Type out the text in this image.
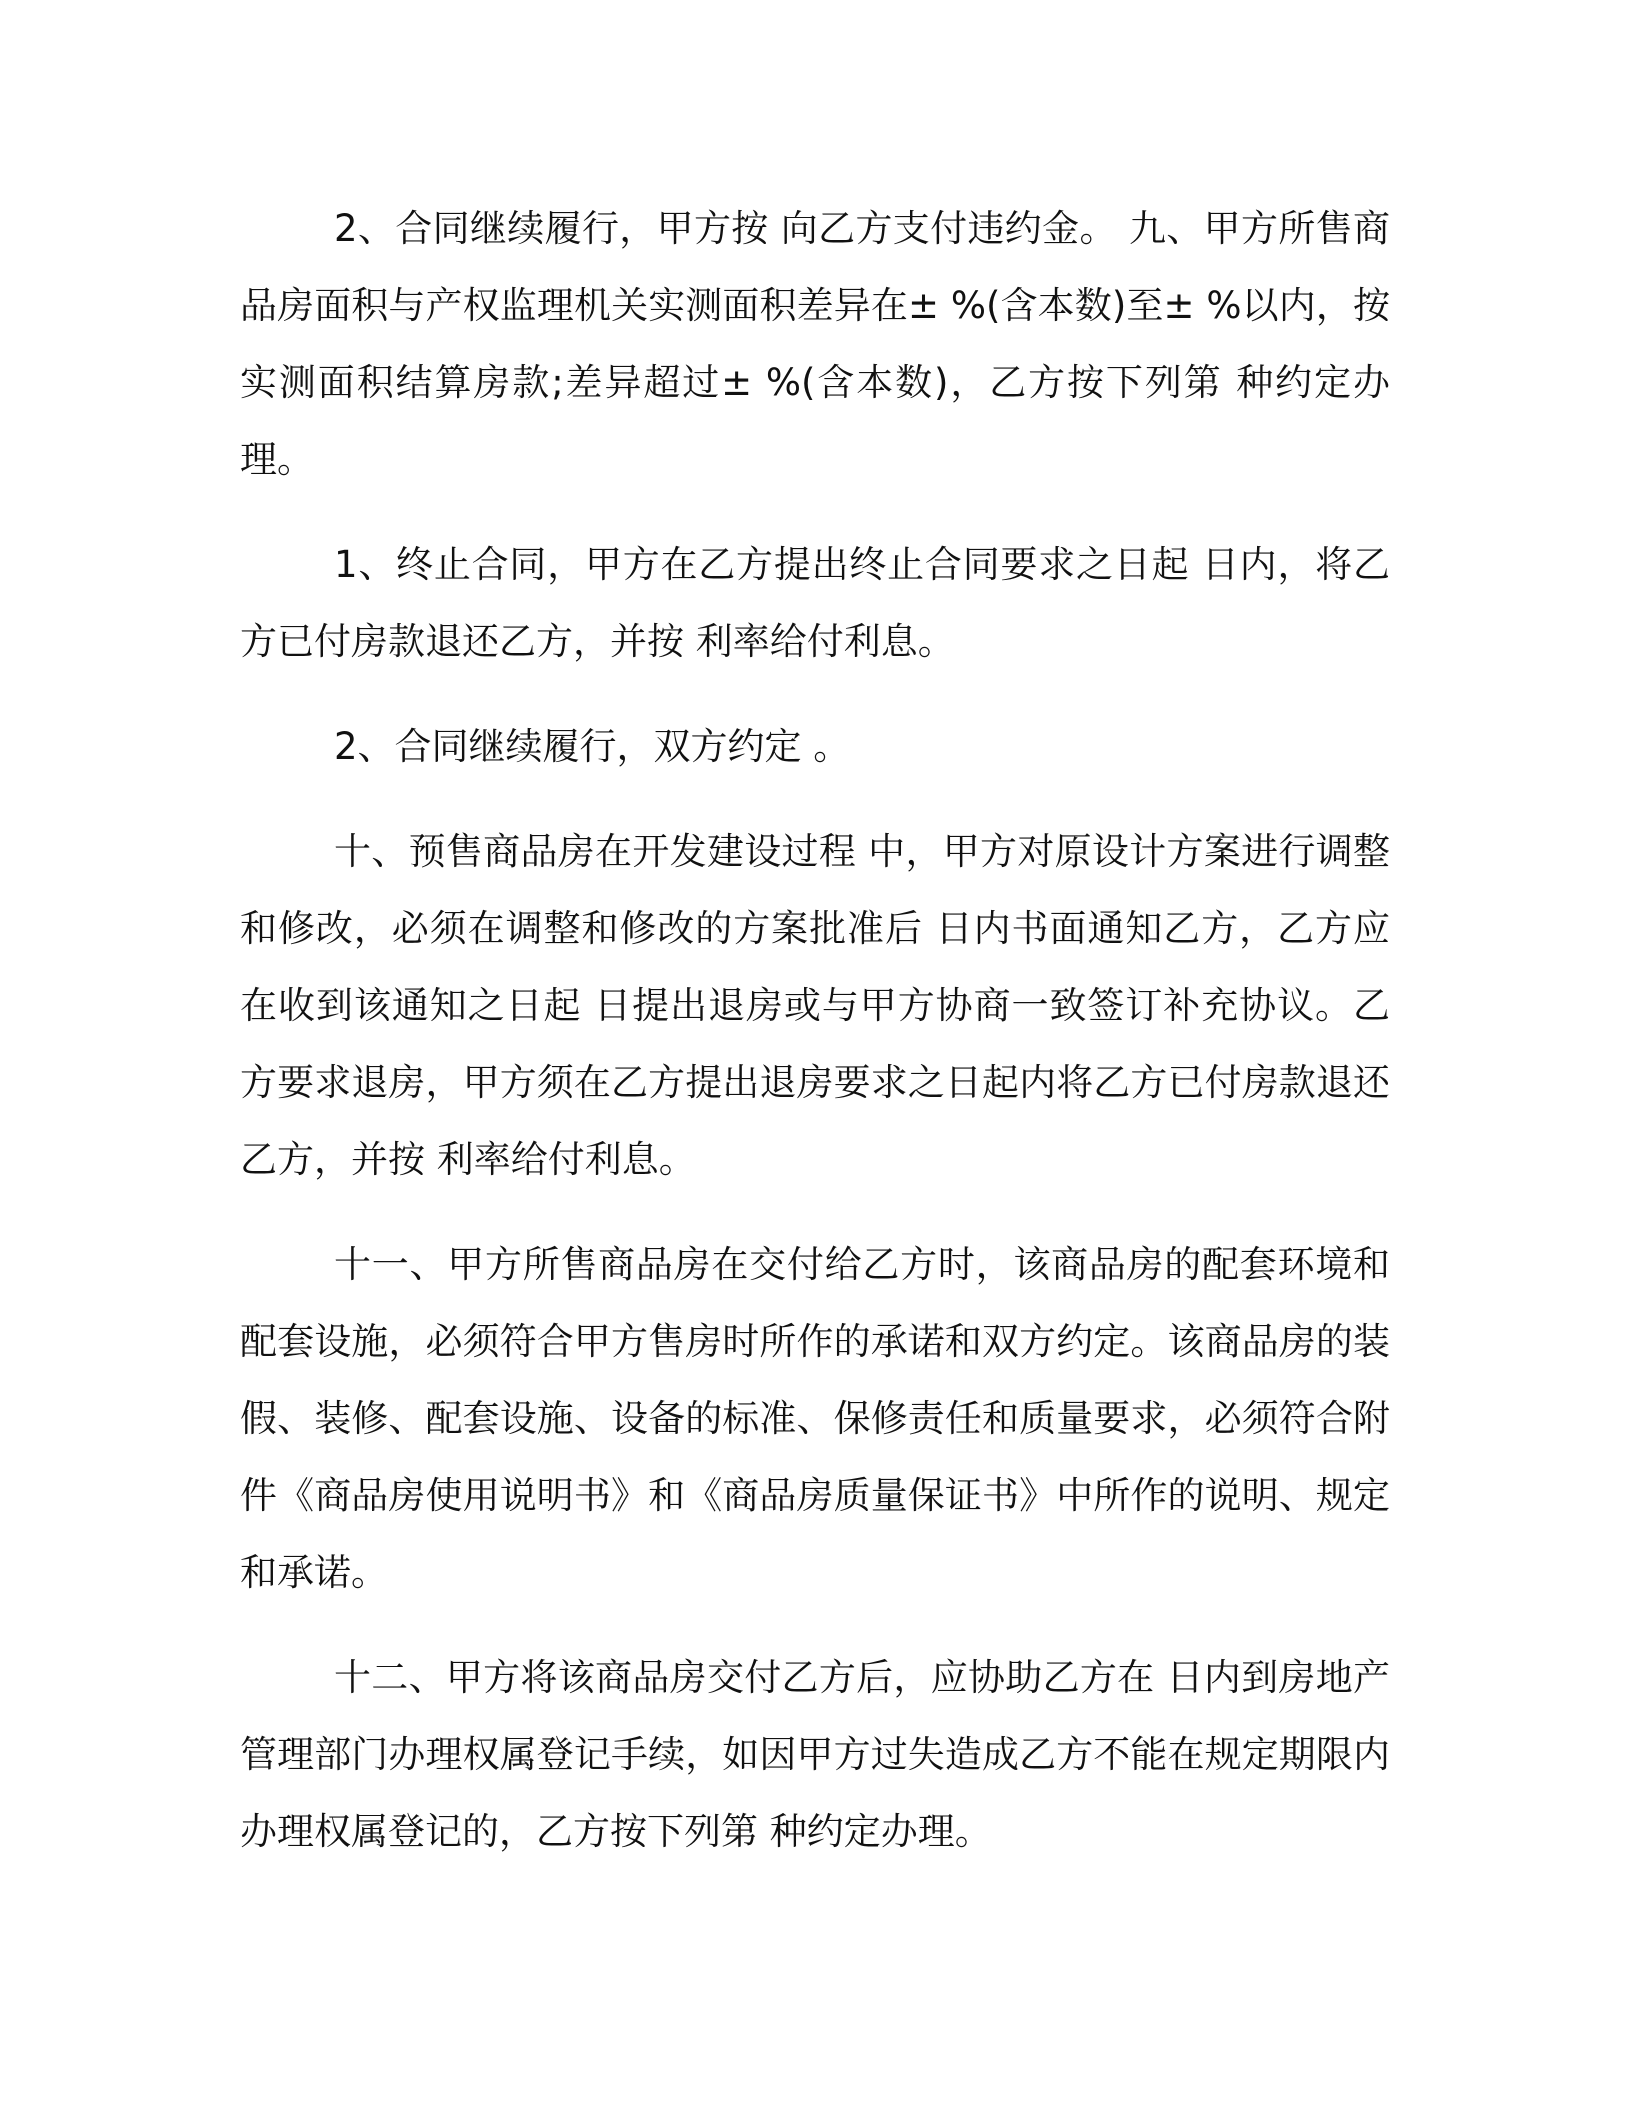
2、合同继续履行，甲方按 向乙方支付违约金。 九、甲方所售商品房面积与产权监理机关实测面积差异在± %(含本数)至± %以内，按实测面积结算房款;差异超过± %(含本数)，乙方按下列第 种约定办理。

1、终止合同，甲方在乙方提出终止合同要求之日起 日内，将乙方已付房款退还乙方，并按 利率给付利息。

2、合同继续履行，双方约定 。

十、预售商品房在开发建设过程 中，甲方对原设计方案进行调整和修改，必须在调整和修改的方案批准后 日内书面通知乙方，乙方应在收到该通知之日起 日提出退房或与甲方协商一致签订补充协议。乙方要求退房，甲方须在乙方提出退房要求之日起内将乙方已付房款退还乙方，并按 利率给付利息。

十一、甲方所售商品房在交付给乙方时，该商品房的配套环境和配套设施，必须符合甲方售房时所作的承诺和双方约定。该商品房的装假、装修、配套设施、设备的标准、保修责任和质量要求，必须符合附件《商品房使用说明书》和《商品房质量保证书》中所作的说明、规定和承诺。

十二、甲方将该商品房交付乙方后，应协助乙方在 日内到房地产管理部门办理权属登记手续，如因甲方过失造成乙方不能在规定期限内办理权属登记的，乙方按下列第 种约定办理。
